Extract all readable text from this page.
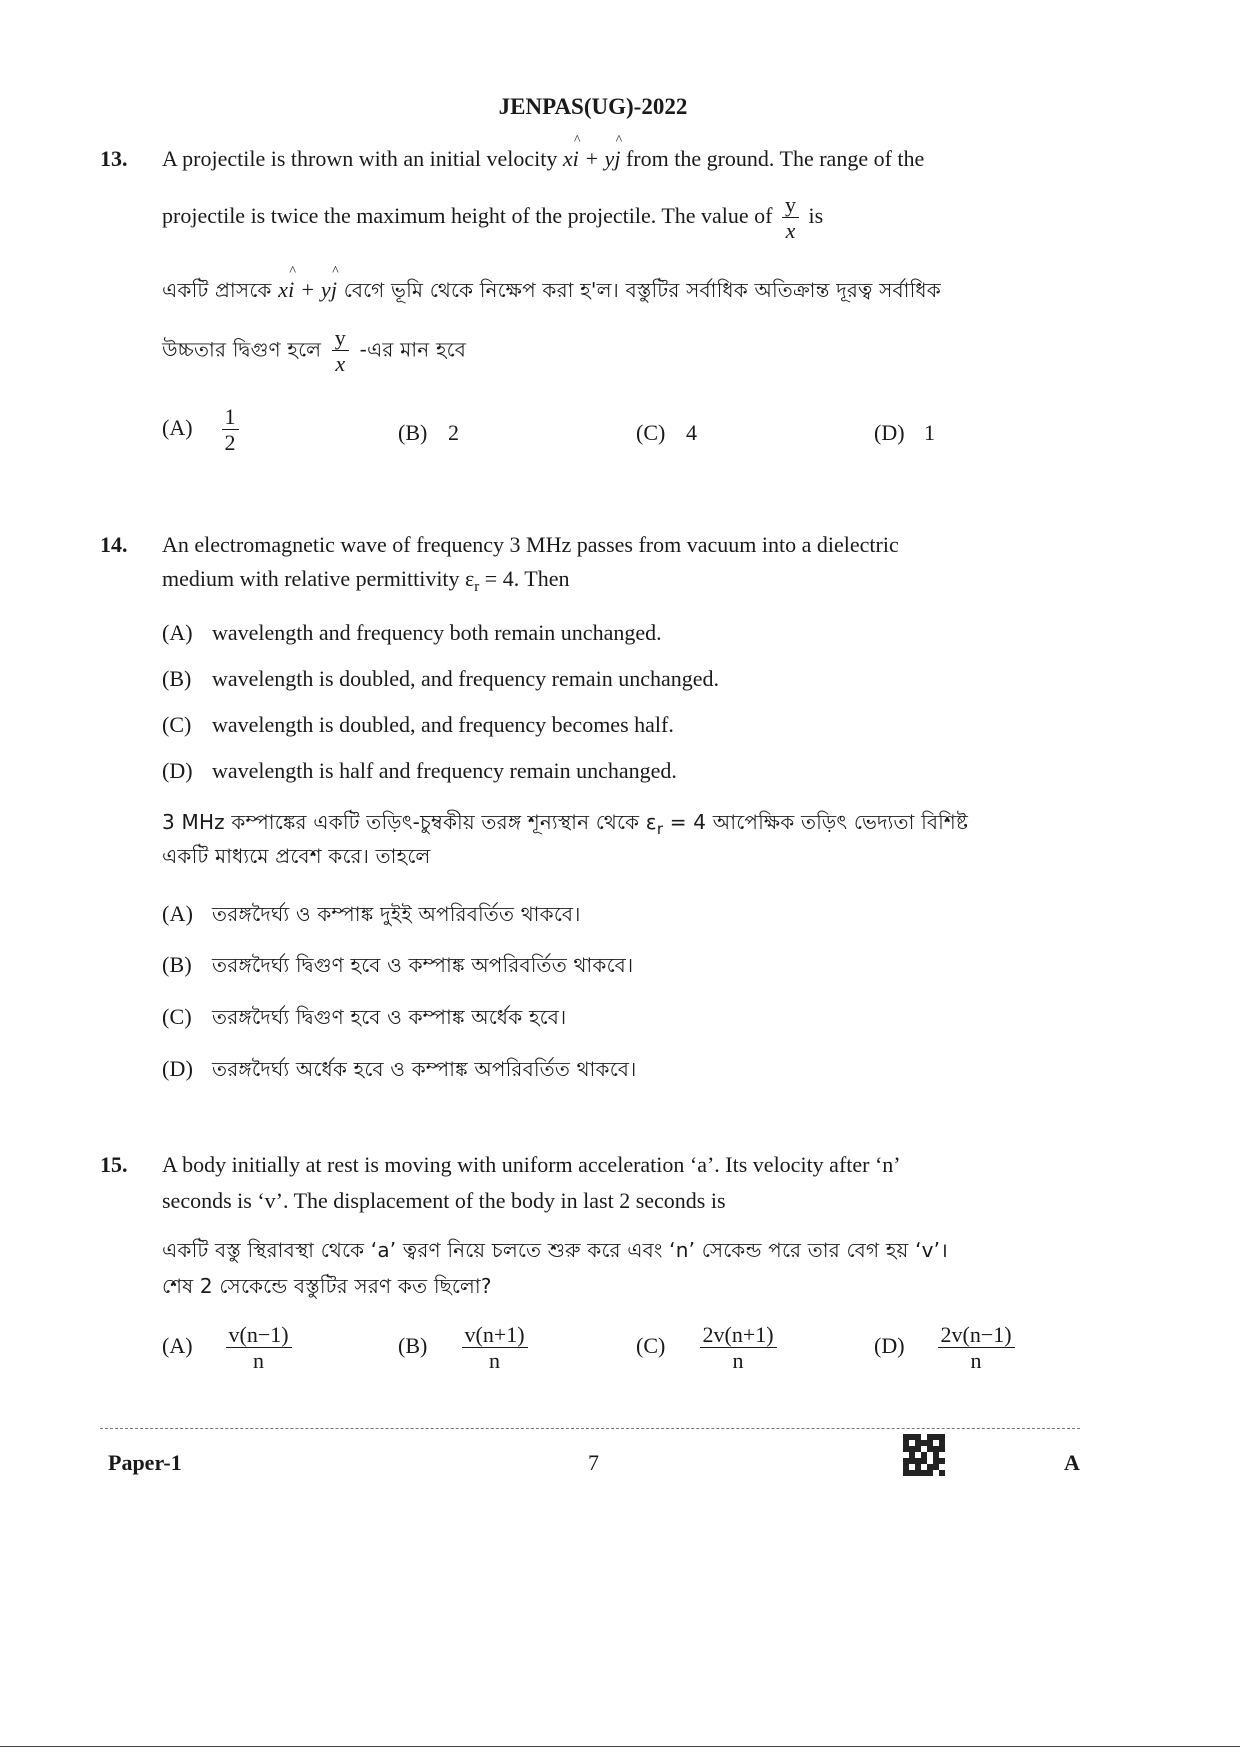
JENPAS(UG)-2022
13. A projectile is thrown with an initial velocity x^ i + y^ j from the ground. The range of the
projectile is twice the maximum height of the projectile. The value of $\frac{y}{x}$ is
একটি প্রাসকে x^ i + y^ j বেগে ভূমি থেকে নিক্ষেপ করা হ'ল। বস্তুটির সর্বাধিক অতিক্রান্ত দূরত্ব সর্বাধিক
উচ্চতার দ্বিগুণ হলে $\frac{y}{x}$ -এর মান হবে
$(A) \frac{1}{2}$	(B) 2	(C) 4	(D) 1
14. An electromagnetic wave of frequency 3 MHz passes from vacuum into a dielectric
medium with relative permittivity $\varepsilon_r = 4$. Then
(A) wavelength and frequency both remain unchanged.
(B) wavelength is doubled, and frequency remain unchanged.
(C) wavelength is doubled, and frequency becomes half.
(D) wavelength is half and frequency remain unchanged.
3 MHz কম্পাঙ্কের একটি তড়িৎ-চুম্বকীয় তরঙ্গ শূন্যস্থান থেকে $\varepsilon_r = 4$ আপেক্ষিক তড়িৎ ভেদ্যতা বিশিষ্ট
একটি মাধ্যমে প্রবেশ করে। তাহলে
(A) তরঙ্গদৈর্ঘ্য ও কম্পাঙ্ক দুইই অপরিবর্তিত থাকবে।
(B) তরঙ্গদৈর্ঘ্য দ্বিগুণ হবে ও কম্পাঙ্ক অপরিবর্তিত থাকবে।
(C) তরঙ্গদৈর্ঘ্য দ্বিগুণ হবে ও কম্পাঙ্ক অর্ধেক হবে।
(D) তরঙ্গদৈর্ঘ্য অর্ধেক হবে ও কম্পাঙ্ক অপরিবর্তিত থাকবে।
15. A body initially at rest is moving with uniform acceleration ‘a’. Its velocity after ‘n’
seconds is ‘v’. The displacement of the body in last 2 seconds is
একটি বস্তু স্থিরাবস্থা থেকে ‘a’ ত্বরণ নিয়ে চলতে শুরু করে এবং ‘n’ সেকেন্ড পরে তার বেগ হয় ‘v’।
শেষ 2 সেকেন্ডে বস্তুটির সরণ কত ছিলো?
$(A) \frac{v(n-1)}{n}$	$(B) \frac{v(n+1)}{n}$	$(C) \frac{2v(n+1)}{n}$	$(D) \frac{2v(n-1)}{n}$
Paper-1	7	A
